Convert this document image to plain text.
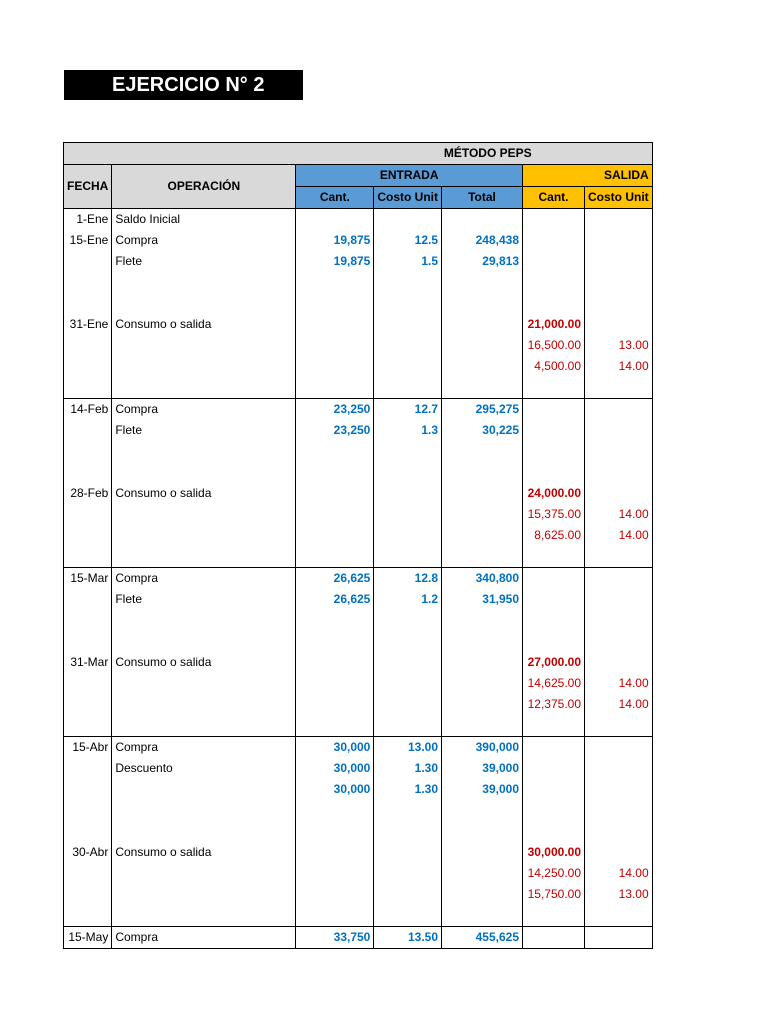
EJERCICIO N° 2
MÉTODO PEPS						
FECHA	OPERACIÓN	ENTRADA			SALIDA	
		Cant.	Costo Unit	Total	Cant.	Costo Unit
1-Ene	Saldo Inicial					
15-Ene	Compra	19,875	12.5	248,438		
	Flete	19,875	1.5	29,813		

31-Ene	Consumo o salida				21,000.00	
					16,500.00	13.00
					4,500.00	14.00

14-Feb	Compra	23,250	12.7	295,275		
	Flete	23,250	1.3	30,225		

28-Feb	Consumo o salida				24,000.00	
					15,375.00	14.00
					8,625.00	14.00

15-Mar	Compra	26,625	12.8	340,800		
	Flete	26,625	1.2	31,950		

31-Mar	Consumo o salida				27,000.00	
					14,625.00	14.00
					12,375.00	14.00

15-Abr	Compra	30,000	13.00	390,000		
	Descuento	30,000	1.30	39,000		
		30,000	1.30	39,000		

30-Abr	Consumo o salida				30,000.00	
					14,250.00	14.00
					15,750.00	13.00

15-May	Compra	33,750	13.50	455,625		
